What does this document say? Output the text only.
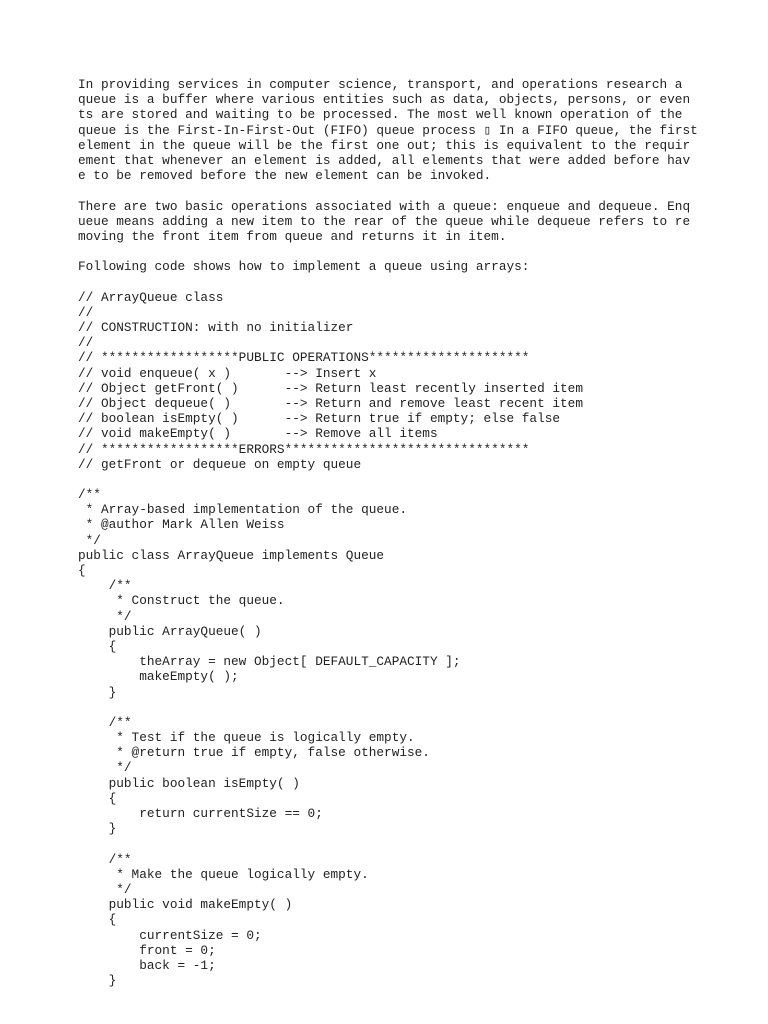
In providing services in computer science, transport, and operations research a
queue is a buffer where various entities such as data, objects, persons, or even
ts are stored and waiting to be processed. The most well known operation of the
queue is the First-In-First-Out (FIFO) queue process ▯ In a FIFO queue, the first
element in the queue will be the first one out; this is equivalent to the requir
ement that whenever an element is added, all elements that were added before hav
e to be removed before the new element can be invoked.
There are two basic operations associated with a queue: enqueue and dequeue. Enq
ueue means adding a new item to the rear of the queue while dequeue refers to re
moving the front item from queue and returns it in item.
Following code shows how to implement a queue using arrays:
// ArrayQueue class
//
// CONSTRUCTION: with no initializer
//
// ******************PUBLIC OPERATIONS*********************
// void enqueue( x )       --> Insert x
// Object getFront( )      --> Return least recently inserted item
// Object dequeue( )       --> Return and remove least recent item
// boolean isEmpty( )      --> Return true if empty; else false
// void makeEmpty( )       --> Remove all items
// ******************ERRORS********************************
// getFront or dequeue on empty queue
/**
* Array-based implementation of the queue.
* @author Mark Allen Weiss
*/
public class ArrayQueue implements Queue
{
/**
* Construct the queue.
*/
public ArrayQueue( )
{
theArray = new Object[ DEFAULT_CAPACITY ];
makeEmpty( );
}
/**
* Test if the queue is logically empty.
* @return true if empty, false otherwise.
*/
public boolean isEmpty( )
{
return currentSize == 0;
}
/**
* Make the queue logically empty.
*/
public void makeEmpty( )
{
currentSize = 0;
front = 0;
back = -1;
}
